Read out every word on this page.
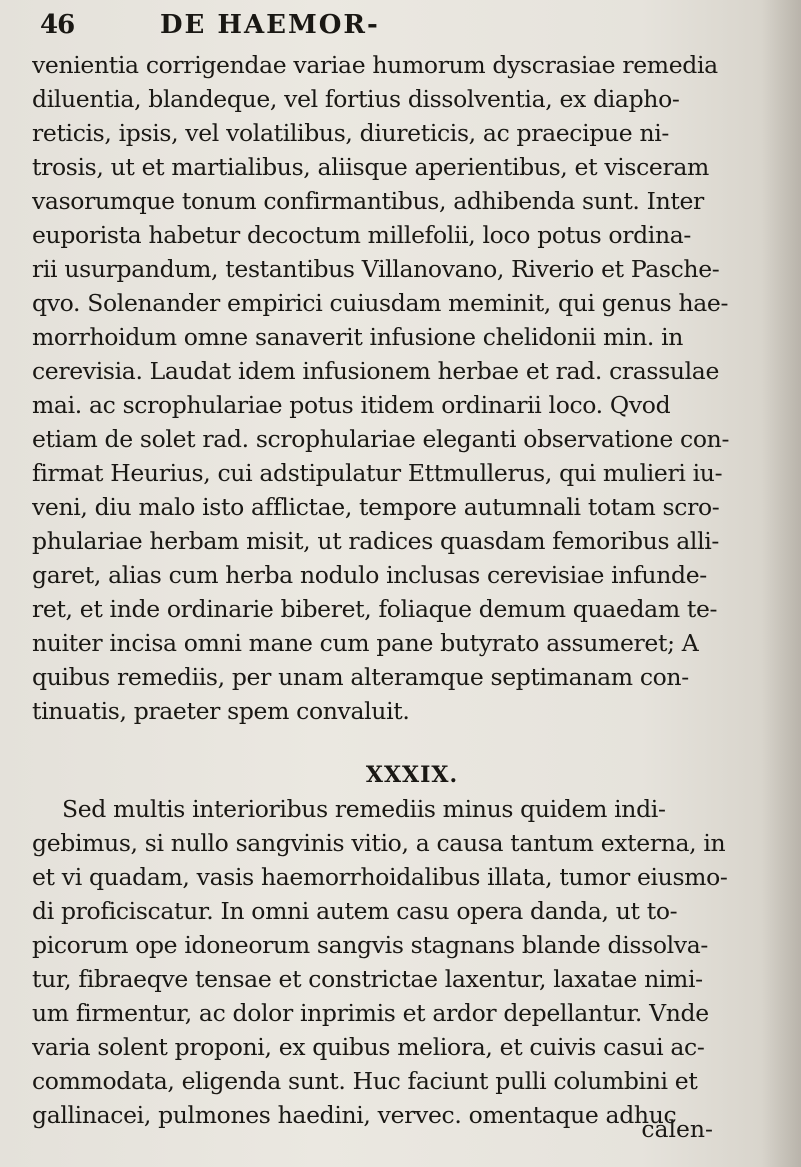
46	DE HAEMOR-
venientia corrigendae variae humorum dyscrasiae remedia
diluentia, blandeque, vel fortius dissolventia, ex diapho-
reticis, ipsis, vel volatilibus, diureticis, ac praecipue ni-
trosis, ut et martialibus, aliisque aperientibus, et visceram
vasorumque tonum confirmantibus, adhibenda sunt. Inter
euporista habetur decoctum millefolii, loco potus ordina-
rii usurpandum, testantibus Villanovano, Riverio et Pasche-
qvo. Solenander empirici cuiusdam meminit, qui genus hae-
morrhoidum omne sanaverit infusione chelidonii min. in
cerevisia. Laudat idem infusionem herbae et rad. crassulae
mai. ac scrophulariae potus itidem ordinarii loco. Qvod
etiam de solet rad. scrophulariae eleganti observatione con-
firmat Heurius, cui adstipulatur Ettmullerus, qui mulieri iu-
veni, diu malo isto afflictae, tempore autumnali totam scro-
phulariae herbam misit, ut radices quasdam femoribus alli-
garet, alias cum herba nodulo inclusas cerevisiae infunde-
ret, et inde ordinarie biberet, foliaque demum quaedam te-
nuiter incisa omni mane cum pane butyrato assumeret; A
quibus remediis, per unam alteramque septimanam con-
tinuatis, praeter spem convaluit.
XXXIX.
Sed multis interioribus remediis minus quidem indi-
gebimus, si nullo sangvinis vitio, a causa tantum externa, in
et vi quadam, vasis haemorrhoidalibus illata, tumor eiusmo-
di proficiscatur. In omni autem casu opera danda, ut to-
picorum ope idoneorum sangvis stagnans blande dissolva-
tur, fibraeqve tensae et constrictae laxentur, laxatae nimi-
um firmentur, ac dolor inprimis et ardor depellantur. Vnde
varia solent proponi, ex quibus meliora, et cuivis casui ac-
commodata, eligenda sunt. Huc faciunt pulli columbini et
gallinacei, pulmones haedini, vervec. omentaque adhuc
calen-
